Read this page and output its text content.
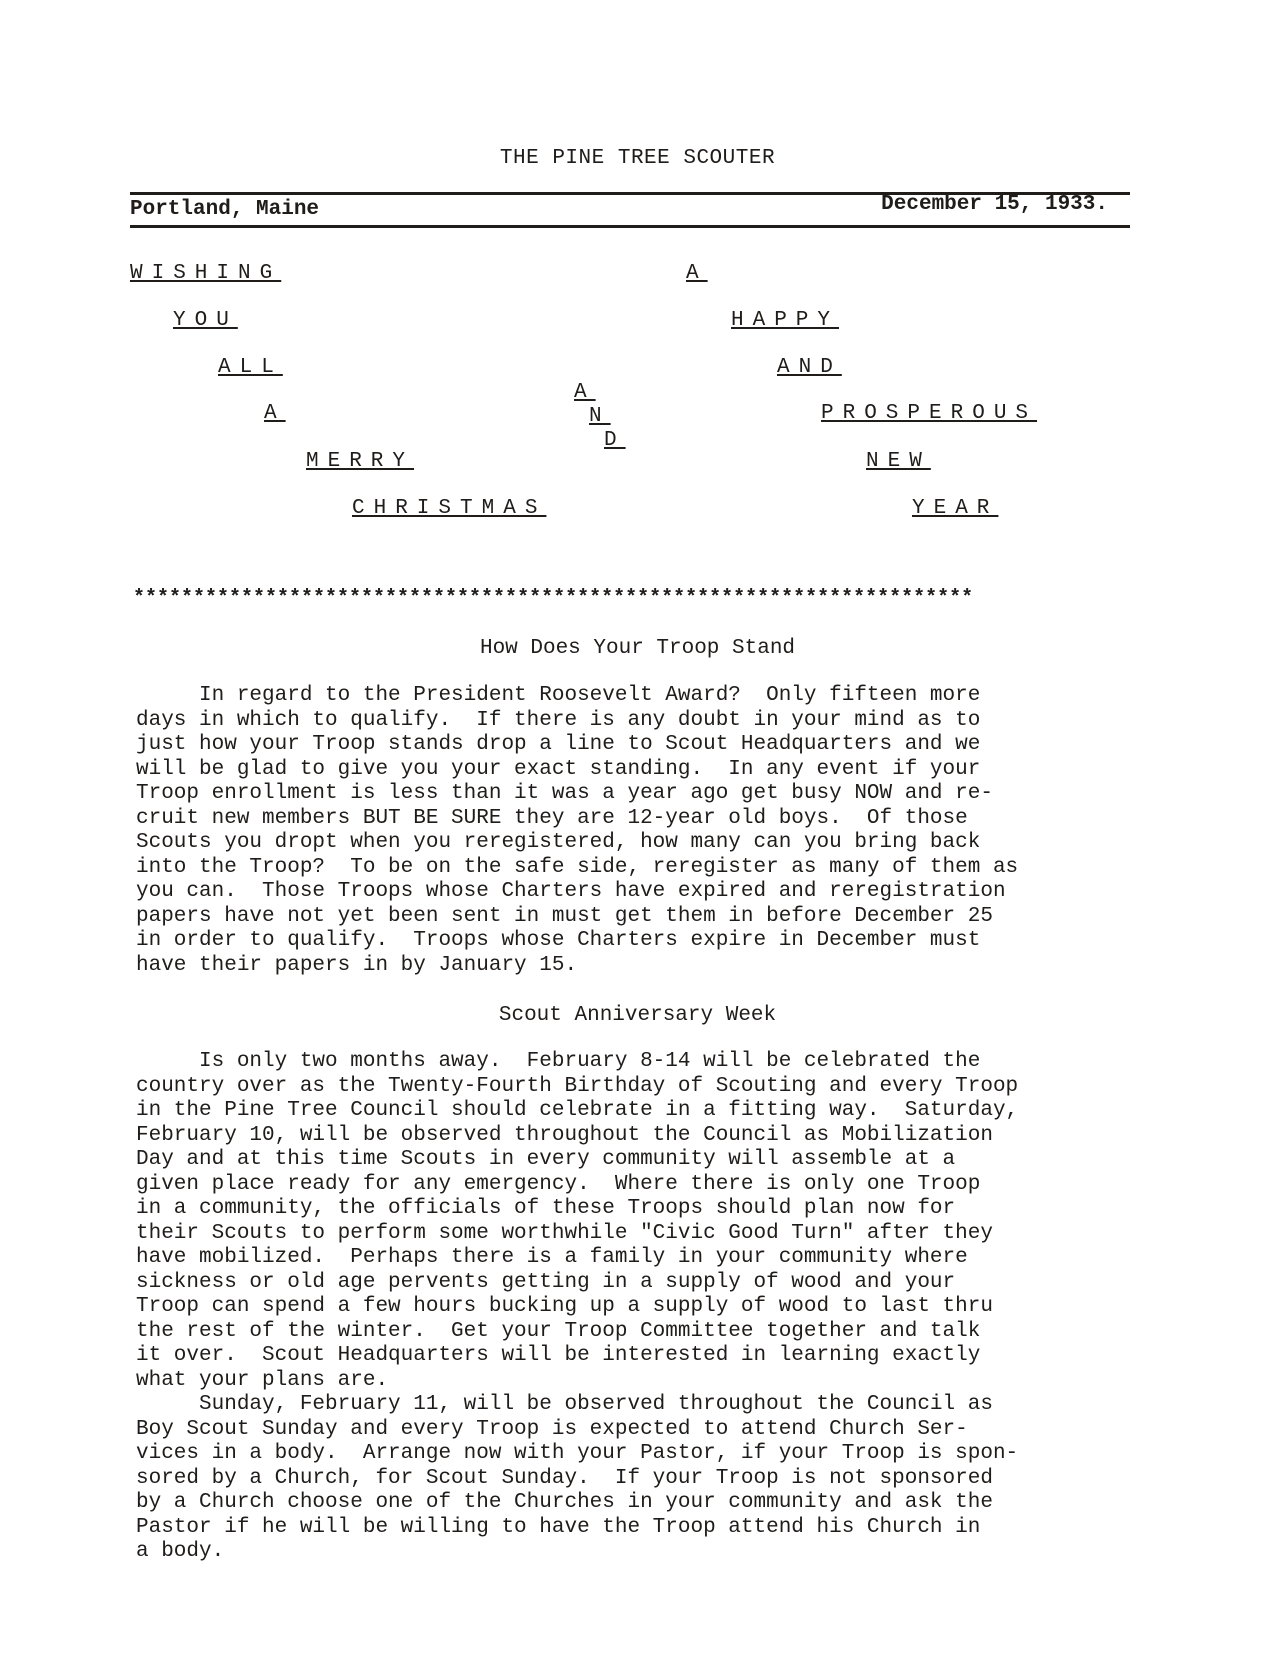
THE PINE TREE SCOUTER
Portland, Maine	December 15, 1933.
WISHING
YOU
ALL
A
MERRY
CHRISTMAS
A
N
D
A
HAPPY
AND
PROSPEROUS
NEW
YEAR
**********************************************************************
How Does Your Troop Stand
In regard to the President Roosevelt Award?  Only fifteen more
days in which to qualify.  If there is any doubt in your mind as to
just how your Troop stands drop a line to Scout Headquarters and we
will be glad to give you your exact standing.  In any event if your
Troop enrollment is less than it was a year ago get busy NOW and re-
cruit new members BUT BE SURE they are 12-year old boys.  Of those
Scouts you dropt when you reregistered, how many can you bring back
into the Troop?  To be on the safe side, reregister as many of them as
you can.  Those Troops whose Charters have expired and reregistration
papers have not yet been sent in must get them in before December 25
in order to qualify.  Troops whose Charters expire in December must
have their papers in by January 15.
Scout Anniversary Week
Is only two months away.  February 8-14 will be celebrated the
country over as the Twenty-Fourth Birthday of Scouting and every Troop
in the Pine Tree Council should celebrate in a fitting way.  Saturday,
February 10, will be observed throughout the Council as Mobilization
Day and at this time Scouts in every community will assemble at a
given place ready for any emergency.  Where there is only one Troop
in a community, the officials of these Troops should plan now for
their Scouts to perform some worthwhile "Civic Good Turn" after they
have mobilized.  Perhaps there is a family in your community where
sickness or old age pervents getting in a supply of wood and your
Troop can spend a few hours bucking up a supply of wood to last thru
the rest of the winter.  Get your Troop Committee together and talk
it over.  Scout Headquarters will be interested in learning exactly
what your plans are.
Sunday, February 11, will be observed throughout the Council as
Boy Scout Sunday and every Troop is expected to attend Church Ser-
vices in a body.  Arrange now with your Pastor, if your Troop is spon-
sored by a Church, for Scout Sunday.  If your Troop is not sponsored
by a Church choose one of the Churches in your community and ask the
Pastor if he will be willing to have the Troop attend his Church in
a body.
